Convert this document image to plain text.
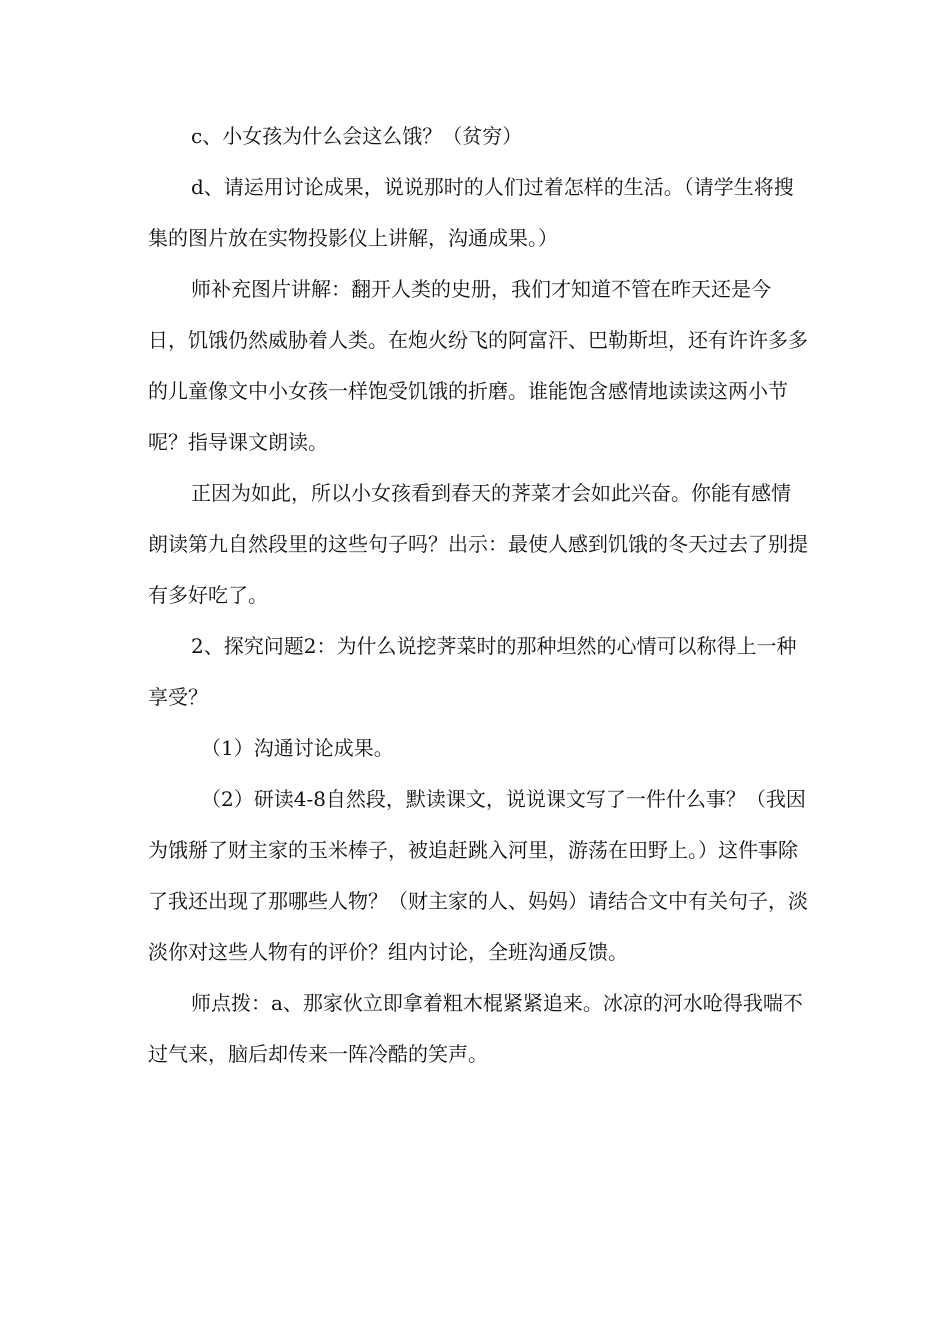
c、小女孩为什么会这么饿？（贫穷）

d、请运用讨论成果，说说那时的人们过着怎样的生活。（请学生将搜集的图片放在实物投影仪上讲解，沟通成果。）

师补充图片讲解：翻开人类的史册，我们才知道不管在昨天还是今日，饥饿仍然威胁着人类。在炮火纷飞的阿富汗、巴勒斯坦，还有许许多多的儿童像文中小女孩一样饱受饥饿的折磨。谁能饱含感情地读读这两小节呢？指导课文朗读。

正因为如此，所以小女孩看到春天的荠菜才会如此兴奋。你能有感情朗读第九自然段里的这些句子吗？出示：最使人感到饥饿的冬天过去了别提有多好吃了。

2、探究问题2：为什么说挖荠菜时的那种坦然的心情可以称得上一种享受？

（1）沟通讨论成果。

（2）研读4-8自然段，默读课文，说说课文写了一件什么事？（我因为饿掰了财主家的玉米棒子，被追赶跳入河里，游荡在田野上。）这件事除了我还出现了那哪些人物？（财主家的人、妈妈）请结合文中有关句子，淡淡你对这些人物有的评价？组内讨论，全班沟通反馈。

师点拨：a、那家伙立即拿着粗木棍紧紧追来。冰凉的河水呛得我喘不过气来，脑后却传来一阵冷酷的笑声。
